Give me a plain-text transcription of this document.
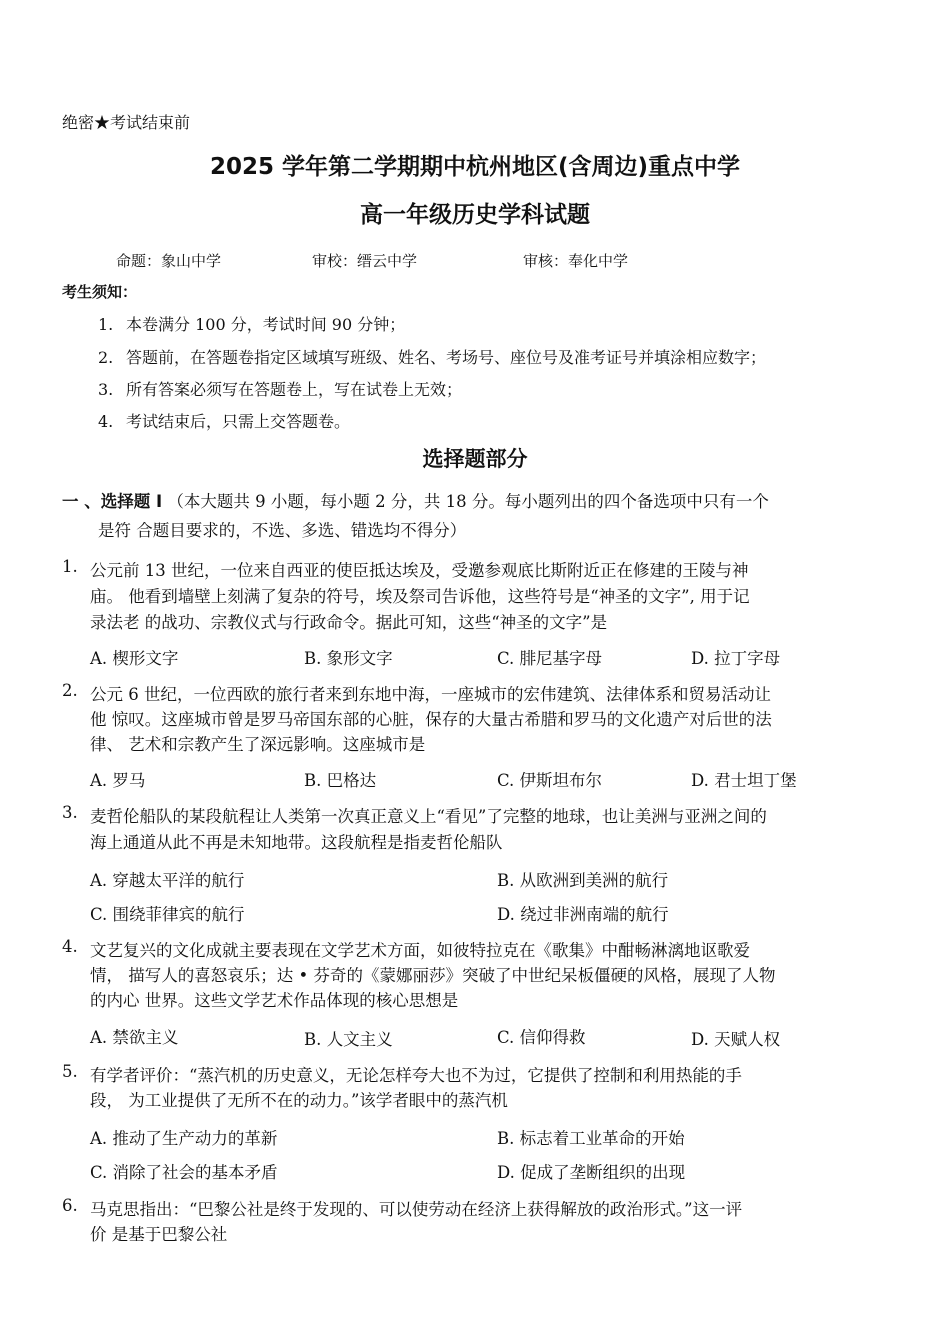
绝密★考试结束前
2025 学年第二学期期中杭州地区(含周边)重点中学
高一年级历史学科试题
命题：象山中学	审校：缙云中学	审核：奉化中学
考生须知：
1. 本卷满分 100 分，考试时间 90 分钟；
2. 答题前，在答题卷指定区域填写班级、姓名、考场号、座位号及准考证号并填涂相应数字；
3. 所有答案必须写在答题卷上，写在试卷上无效；
4. 考试结束后，只需上交答题卷。
选择题部分
一 、选择题 I （本大题共 9 小题，每小题 2 分，共 18 分。每小题列出的四个备选项中只有一个
是符 合题目要求的，不选、多选、错选均不得分）
1. 公元前 13 世纪，一位来自西亚的使臣抵达埃及，受邀参观底比斯附近正在修建的王陵与神
庙。 他看到墙壁上刻满了复杂的符号，埃及祭司告诉他，这些符号是“神圣的文字”, 用于记
录法老 的战功、宗教仪式与行政命令。据此可知，这些“神圣的文字”是
A. 楔形文字	B. 象形文字	C. 腓尼基字母	D. 拉丁字母
2. 公元 6 世纪，一位西欧的旅行者来到东地中海，一座城市的宏伟建筑、法律体系和贸易活动让
他 惊叹。这座城市曾是罗马帝国东部的心脏，保存的大量古希腊和罗马的文化遗产对后世的法
律、 艺术和宗教产生了深远影响。这座城市是
A. 罗马	B. 巴格达	C. 伊斯坦布尔	D. 君士坦丁堡
3. 麦哲伦船队的某段航程让人类第一次真正意义上“看见”了完整的地球，也让美洲与亚洲之间的
海上通道从此不再是未知地带。这段航程是指麦哲伦船队
A. 穿越太平洋的航行	B. 从欧洲到美洲的航行
C. 围绕菲律宾的航行	D. 绕过非洲南端的航行
4. 文艺复兴的文化成就主要表现在文学艺术方面，如彼特拉克在《歌集》中酣畅淋漓地讴歌爱
情， 描写人的喜怒哀乐；达 • 芬奇的《蒙娜丽莎》突破了中世纪呆板僵硬的风格，展现了人物
的内心 世界。这些文学艺术作品体现的核心思想是
A. 禁欲主义	B. 人文主义	C. 信仰得救	D. 天赋人权
5. 有学者评价：“蒸汽机的历史意义，无论怎样夸大也不为过，它提供了控制和利用热能的手
段， 为工业提供了无所不在的动力。”该学者眼中的蒸汽机
A. 推动了生产动力的革新	B. 标志着工业革命的开始
C. 消除了社会的基本矛盾	D. 促成了垄断组织的出现
6. 马克思指出：“巴黎公社是终于发现的、可以使劳动在经济上获得解放的政治形式。”这一评
价 是基于巴黎公社
